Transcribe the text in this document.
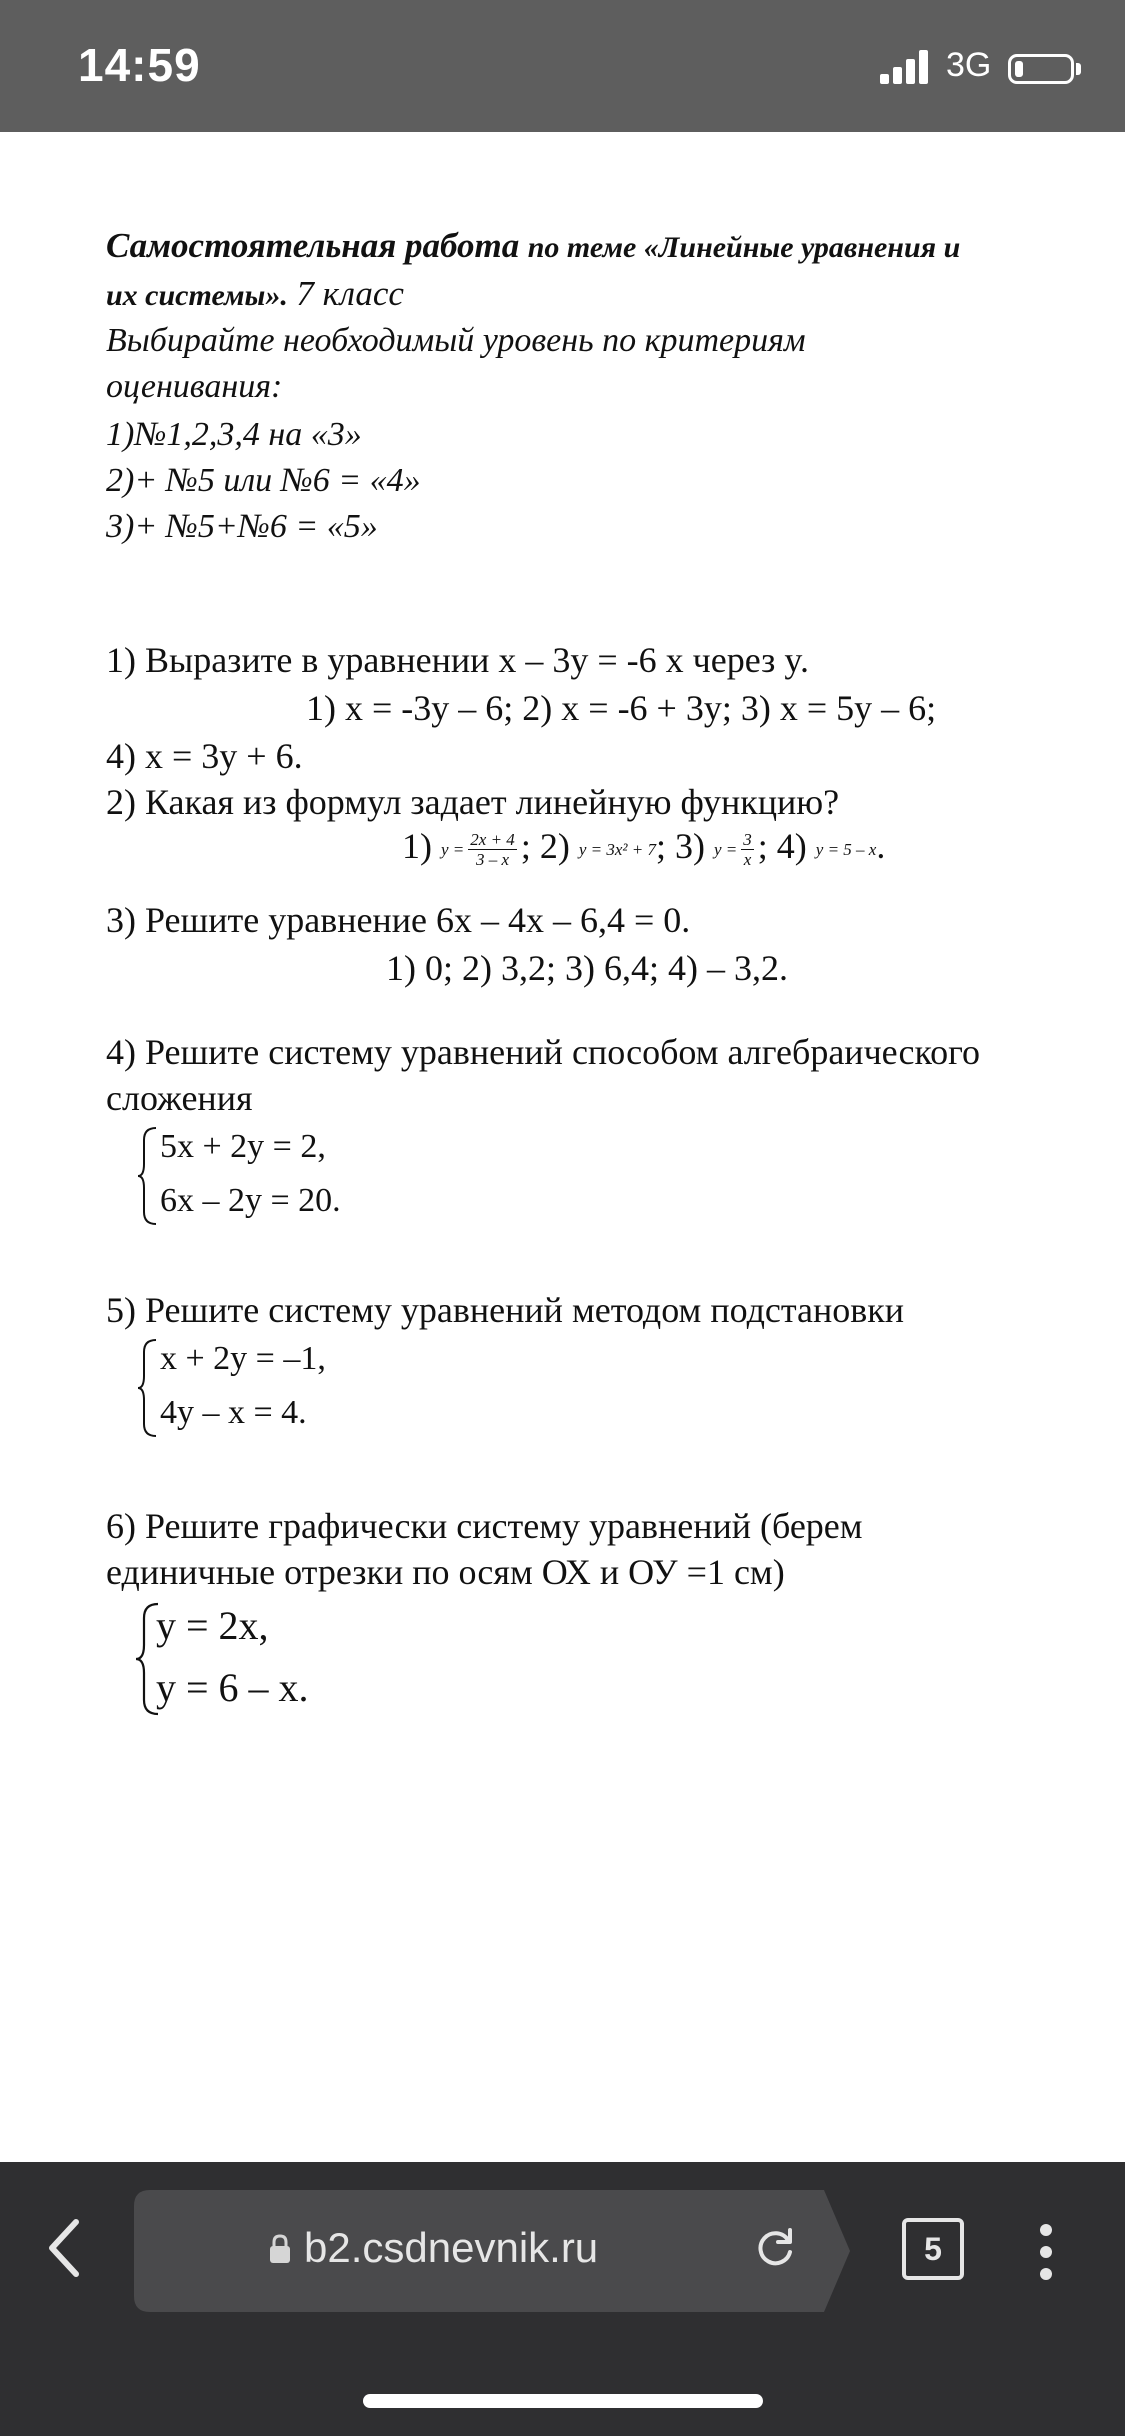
14:59	3G
Самостоятельная работа по теме «Линейные уравнения и
их системы». 7 класс
Выбирайте необходимый уровень по критериям
оценивания:
1)№1,2,3,4 на «3»
2)+ №5 или №6 = «4»
3)+ №5+№6 = «5»
1) Выразите в уравнении x – 3y = -6 x через y.
1) x = -3y – 6; 2) x = -6 + 3y; 3) x = 5y – 6;
4) x = 3y + 6.
2) Какая из формул задает линейную функцию?
1) $y = \frac{2x + 4}{3 - x}$ ; 2) y = 3x² + 7; 3) $y = \frac{3}{x}$ ; 4) y = 5 – x.
3) Решите уравнение 6x – 4x – 6,4 = 0.
1) 0; 2) 3,2; 3) 6,4; 4) – 3,2.
4) Решите систему уравнений способом алгебраического
сложения
5x + 2y = 2,
6x – 2y = 20.
5) Решите систему уравнений методом подстановки
x + 2y = –1,
4y – x = 4.
6) Решите графически систему уравнений (берем
единичные отрезки по осям ОХ и ОУ =1 см)
y = 2x,
y = 6 – x.
b2.csdnevnik.ru	5
